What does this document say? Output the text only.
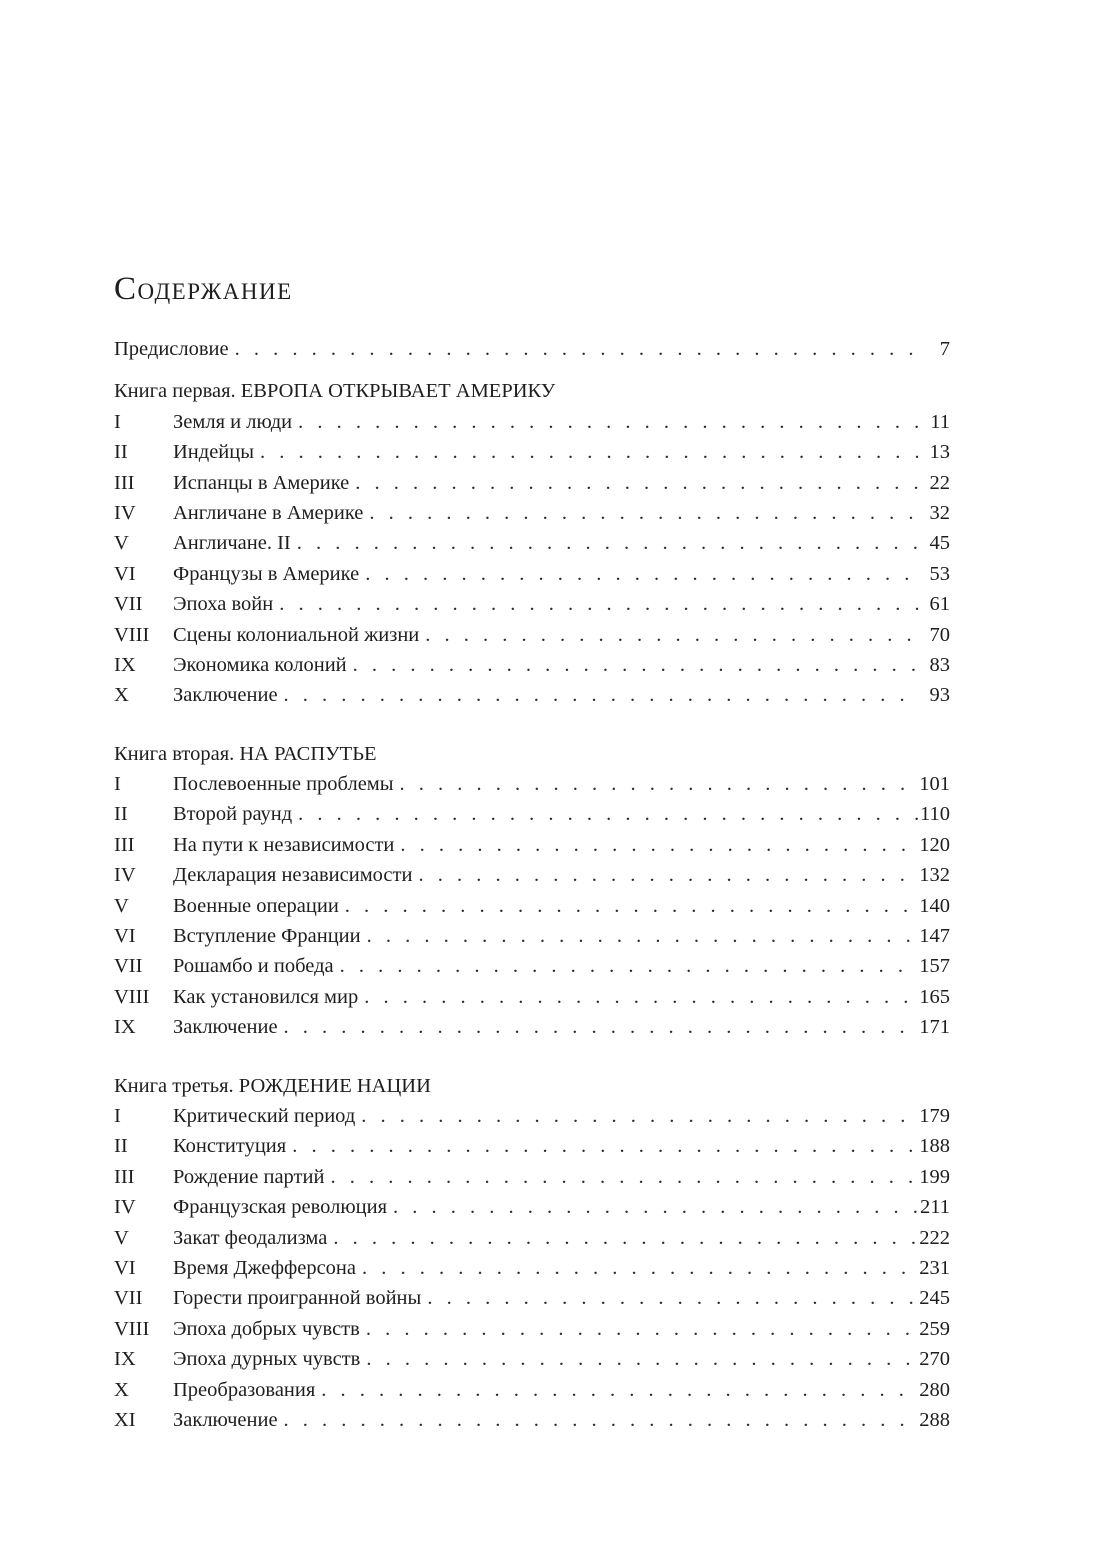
Содержание
Предисловие . . .	7
Книга первая. ЕВРОПА ОТКРЫВАЕТ АМЕРИКУ
I	Земля и люди . . .	11
II	Индейцы . . .	13
III	Испанцы в Америке . . .	22
IV	Англичане в Америке . . .	32
V	Англичане. II . . .	45
VI	Французы в Америке . . .	53
VII	Эпоха войн . . .	61
VIII	Сцены колониальной жизни . . .	70
IX	Экономика колоний . . .	83
X	Заключение . . .	93
Книга вторая. НА РАСПУТЬЕ
I	Послевоенные проблемы . . .	101
II	Второй раунд . . .	110
III	На пути к независимости . . .	120
IV	Декларация независимости . . .	132
V	Военные операции . . .	140
VI	Вступление Франции . . .	147
VII	Рошамбо и победа . . .	157
VIII	Как установился мир . . .	165
IX	Заключение . . .	171
Книга третья. РОЖДЕНИЕ НАЦИИ
I	Критический период . . .	179
II	Конституция . . .	188
III	Рождение партий . . .	199
IV	Французская революция . . .	211
V	Закат феодализма . . .	222
VI	Время Джефферсона . . .	231
VII	Горести проигранной войны . . .	245
VIII	Эпоха добрых чувств . . .	259
IX	Эпоха дурных чувств . . .	270
X	Преобразования . . .	280
XI	Заключение . . .	288
